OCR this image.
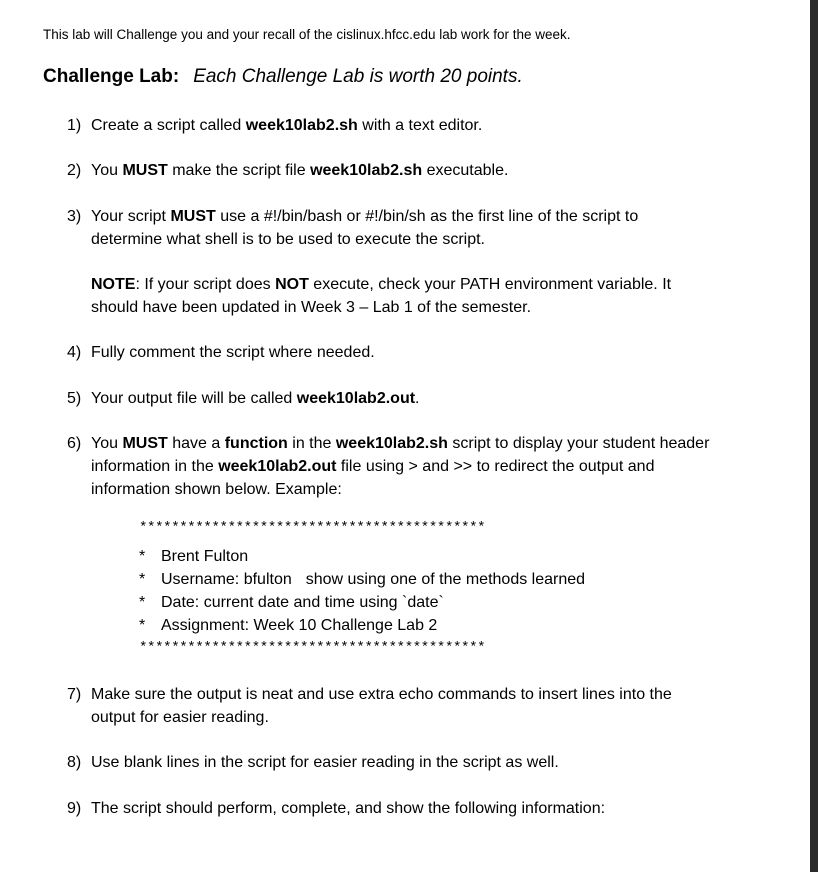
This lab will Challenge you and your recall of the cislinux.hfcc.edu lab work for the week.
Challenge Lab: Each Challenge Lab is worth 20 points.
1) Create a script called week10lab2.sh with a text editor.
2) You MUST make the script file week10lab2.sh executable.
3) Your script MUST use a #!/bin/bash or #!/bin/sh as the first line of the script to
determine what shell is to be used to execute the script.
NOTE: If your script does NOT execute, check your PATH environment variable. It
should have been updated in Week 3 – Lab 1 of the semester.
4) Fully comment the script where needed.
5) Your output file will be called week10lab2.out.
6) You MUST have a function in the week10lab2.sh script to display your student header
information in the week10lab2.out file using > and >> to redirect the output and
information shown below. Example:
*******************************************
* Brent Fulton
* Username: bfulton show using one of the methods learned
* Date: current date and time using `date`
* Assignment: Week 10 Challenge Lab 2
*******************************************
7) Make sure the output is neat and use extra echo commands to insert lines into the
output for easier reading.
8) Use blank lines in the script for easier reading in the script as well.
9) The script should perform, complete, and show the following information:
